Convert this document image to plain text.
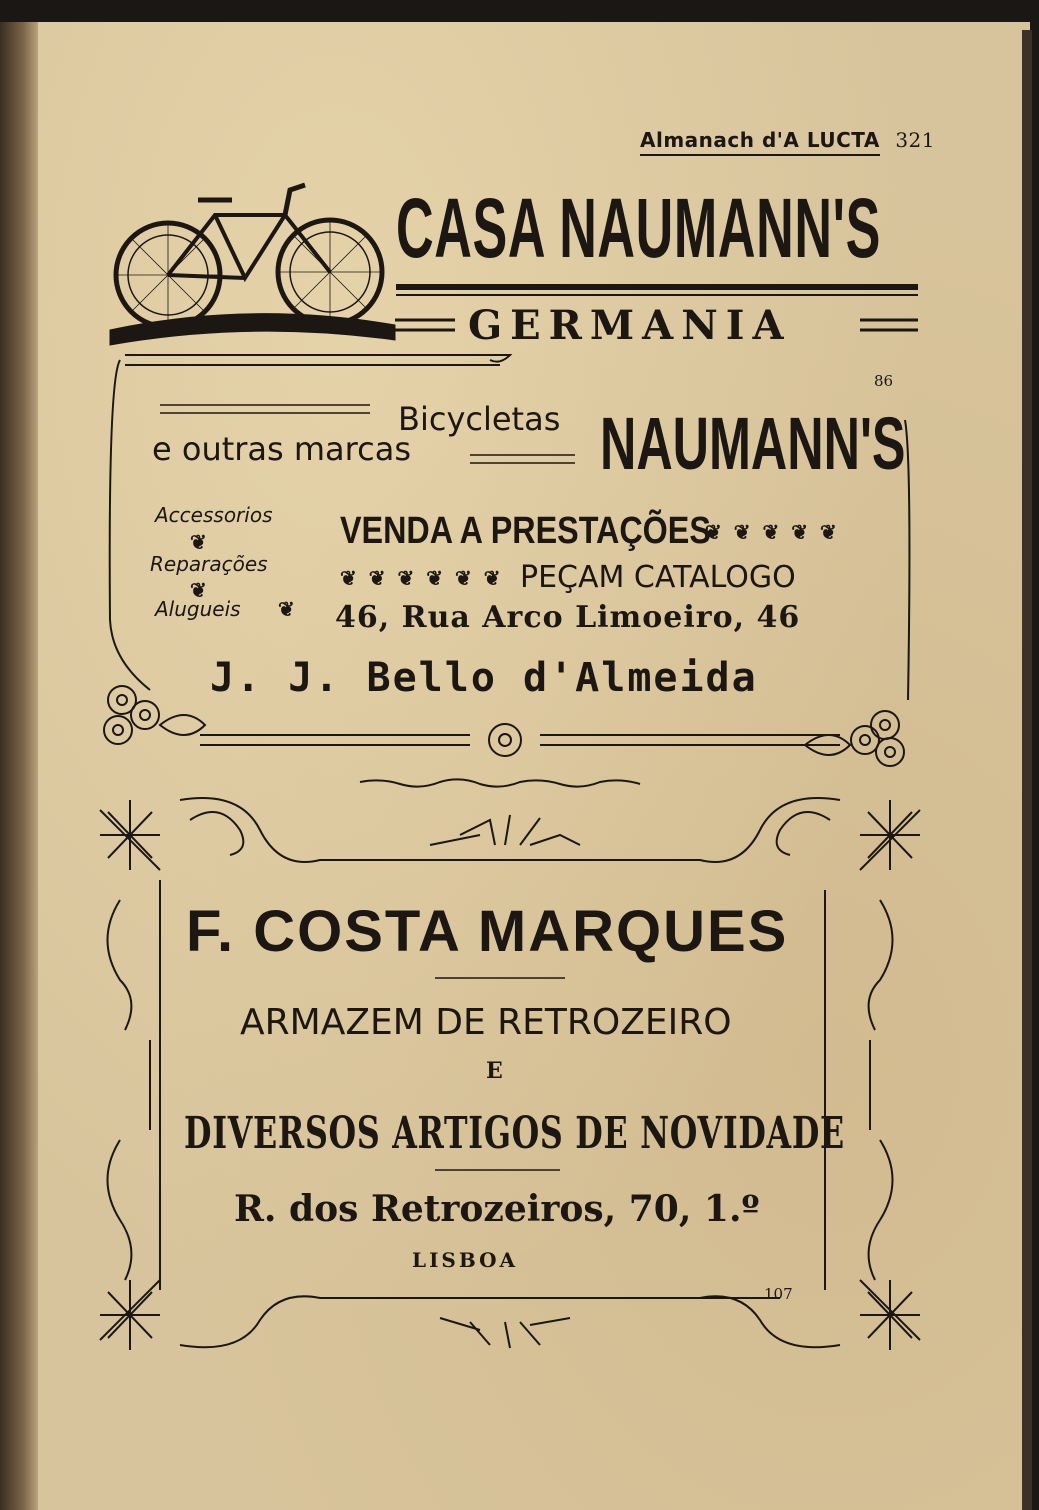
Almanach d'A LUCTA 321
CASA NAUMANN'S
GERMANIA
86
Bicycletas
e outras marcas	NAUMANN'S
Accessorios
❦
Reparações
❦
Alugueis ❦
VENDA A PRESTAÇÕES
❦❦❦❦❦
❦❦❦❦❦❦ PEÇAM CATALOGO
46, Rua Arco Limoeiro, 46
J. J. Bello d'Almeida
F. COSTA MARQUES
ARMAZEM DE RETROZEIRO
E
DIVERSOS ARTIGOS DE NOVIDADE
R. dos Retrozeiros, 70, 1.º
LISBOA
107
